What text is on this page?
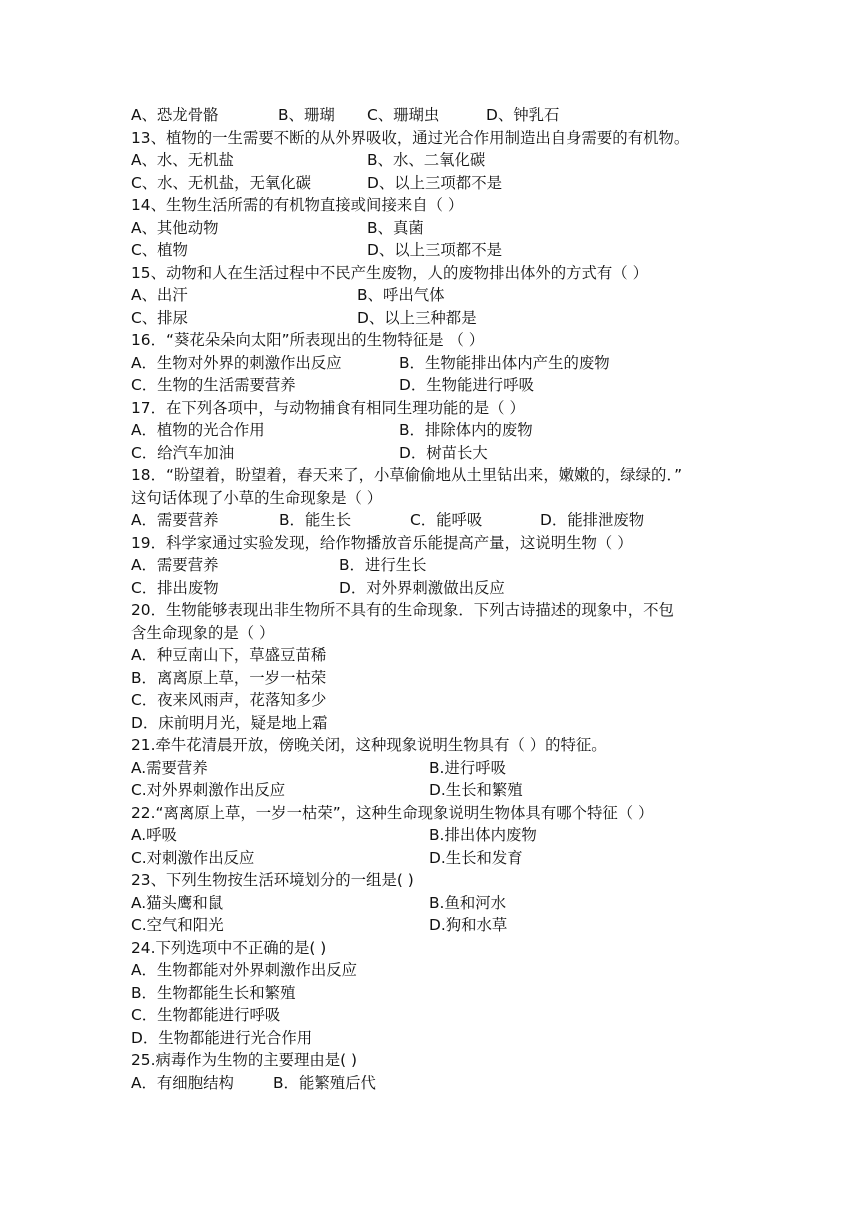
A、恐龙骨骼	B、珊瑚 C、珊瑚虫	D、钟乳石
13、植物的一生需要不断的从外界吸收，通过光合作用制造出自身需要的有机物。
A、水、无机盐	B、水、二氧化碳
C、水、无机盐，无氧化碳	D、以上三项都不是
14、生物生活所需的有机物直接或间接来自（ ）
A、其他动物	B、真菌
C、植物	D、以上三项都不是
15、动物和人在生活过程中不民产生废物，人的废物排出体外的方式有（ ）
A、出汗	B、呼出气体
C、排尿	D、以上三种都是
16．“葵花朵朵向太阳”所表现出的生物特征是 （ ）
A．生物对外界的刺激作出反应	B．生物能排出体内产生的废物
C．生物的生活需要营养	D．生物能进行呼吸
17．在下列各项中，与动物捕食有相同生理功能的是（ ）
A．植物的光合作用	B．排除体内的废物
C．给汽车加油	D．树苗长大
18．“盼望着，盼望着，春天来了，小草偷偷地从土里钻出来，嫩嫩的，绿绿的．”
这句话体现了小草的生命现象是（ ）
A．需要营养	B．能生长	C．能呼吸	D．能排泄废物
19．科学家通过实验发现，给作物播放音乐能提高产量，这说明生物（ ）
A．需要营养	B．进行生长
C．排出废物	D．对外界刺激做出反应
20．生物能够表现出非生物所不具有的生命现象．下列古诗描述的现象中，不包
含生命现象的是（ ）
A．种豆南山下，草盛豆苗稀
B．离离原上草，一岁一枯荣
C．夜来风雨声，花落知多少
D．床前明月光，疑是地上霜
21.牵牛花清晨开放，傍晚关闭，这种现象说明生物具有（ ）的特征。
A.需要营养	B.进行呼吸
C.对外界刺激作出反应	D.生长和繁殖
22.“离离原上草，一岁一枯荣”，这种生命现象说明生物体具有哪个特征（ ）
A.呼吸	B.排出体内废物
C.对刺激作出反应	D.生长和发育
23、下列生物按生活环境划分的一组是( )
A.猫头鹰和鼠	B.鱼和河水
C.空气和阳光	D.狗和水草
24.下列选项中不正确的是( )
A．生物都能对外界刺激作出反应
B．生物都能生长和繁殖
C．生物都能进行呼吸
D．生物都能进行光合作用
25.病毒作为生物的主要理由是( )
A．有细胞结构	B．能繁殖后代
